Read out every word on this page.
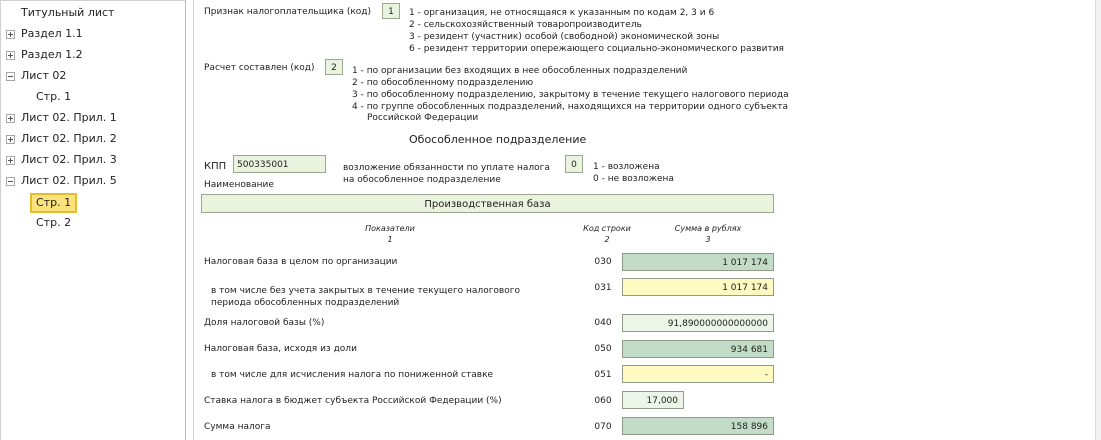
Титульный лист
Раздел 1.1
Раздел 1.2
Лист 02
Стр. 1
Лист 02. Прил. 1
Лист 02. Прил. 2
Лист 02. Прил. 3
Лист 02. Прил. 5
Стр. 1
Стр. 2
Признак налогоплательщика (код)	1	1 - организация, не относящаяся к указанным по кодам 2, 3 и 6
2 - сельскохозяйственный товаропроизводитель
3 - резидент (участник) особой (свободной) экономической зоны
6 - резидент территории опережающего социально-экономического развития
Расчет составлен (код)	2	1 - по организации без входящих в нее обособленных подразделений
2 - по обособленному подразделению
3 - по обособленному подразделению, закрытому в течение текущего налогового периода
4 - по группе обособленных подразделений, находящихся на территории одного субъекта
Российской Федерации
Обособленное подразделение
КПП	500335001
Наименование
возложение обязанности по уплате налога
на обособленное подразделение
0	1 - возложена
0 - не возложена
Производственная база
Показатели
1
Код строки
2
Сумма в рублях
3
Налоговая база в целом по организации	030	1 017 174
в том числе без учета закрытых в течение текущего налогового
периода обособленных подразделений
031	1 017 174
Доля налоговой базы (%)	040	91,890000000000000
Налоговая база, исходя из доли	050	934 681
в том числе для исчисления налога по пониженной ставке	051	-
Ставка налога в бюджет субъекта Российской Федерации (%)	060	17,000
Сумма налога	070	158 896
